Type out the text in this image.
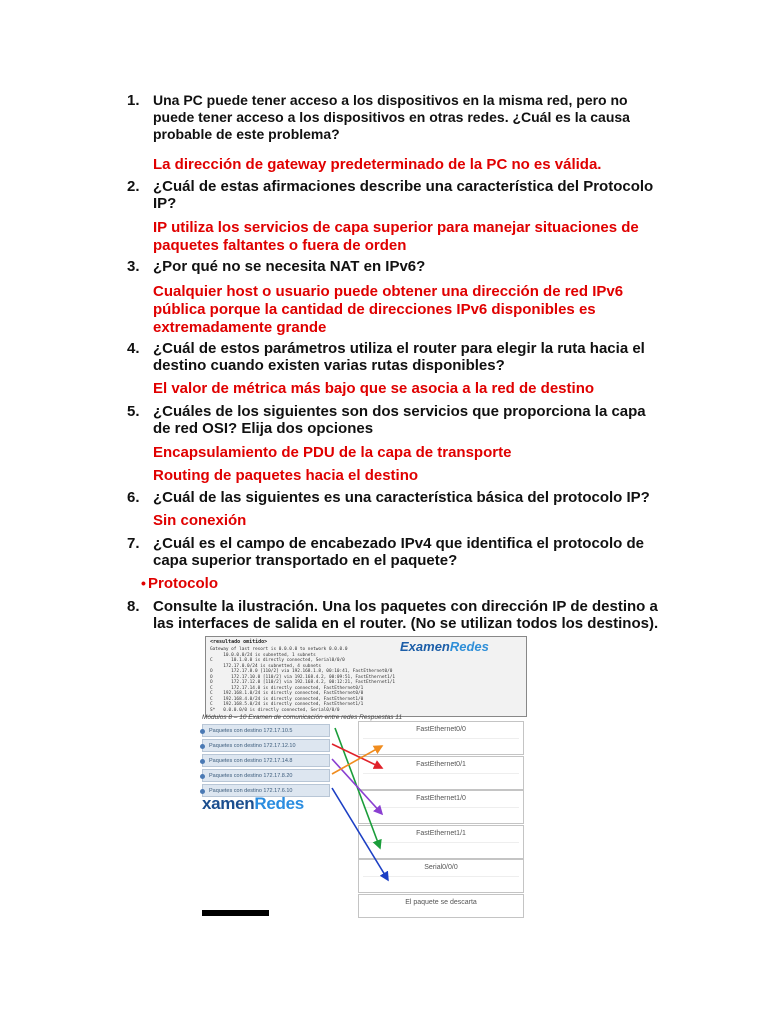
1. Una PC puede tener acceso a los dispositivos en la misma red, pero no
puede tener acceso a los dispositivos en otras redes. ¿Cuál es la causa
probable de este problema?
La dirección de gateway predeterminado de la PC no es válida.
2. ¿Cuál de estas afirmaciones describe una característica del Protocolo
IP?
IP utiliza los servicios de capa superior para manejar situaciones de
paquetes faltantes o fuera de orden
3. ¿Por qué no se necesita NAT en IPv6?
Cualquier host o usuario puede obtener una dirección de red IPv6
pública porque la cantidad de direcciones IPv6 disponibles es
extremadamente grande
4. ¿Cuál de estos parámetros utiliza el router para elegir la ruta hacia el
destino cuando existen varias rutas disponibles?
El valor de métrica más bajo que se asocia a la red de destino
5. ¿Cuáles de los siguientes son dos servicios que proporciona la capa
de red OSI? Elija dos opciones
Encapsulamiento de PDU de la capa de transporte
Routing de paquetes hacia el destino
6. ¿Cuál de las siguientes es una característica básica del protocolo IP?
Sin conexión
7. ¿Cuál es el campo de encabezado IPv4 que identifica el protocolo de
capa superior transportado en el paquete?
Protocolo
8. Consulte la ilustración. Una los paquetes con dirección IP de destino a
las interfaces de salida en el router. (No se utilizan todos los destinos).
•
<resultado omitido>
Gateway of last resort is 0.0.0.0 to network 0.0.0.0
10.0.0.0/24 is subnetted, 1 subnets
C       10.1.0.0 is directly connected, Serial0/0/0
172.17.0.0/24 is subnetted, 4 subnets
O       172.17.8.0 [110/2] via 192.168.1.8, 00:10:41, FastEthernet0/0
O       172.17.10.0 [110/2] via 192.168.4.2, 00:09:51, FastEthernet1/1
O       172.17.12.0 [110/2] via 192.168.4.2, 00:12:21, FastEthernet1/1
C       172.17.14.0 is directly connected, FastEthernet0/1
C    192.168.1.0/24 is directly connected, FastEthernet0/0
C    192.168.4.0/24 is directly connected, FastEthernet1/0
C    192.168.5.0/24 is directly connected, FastEthernet1/1
S*   0.0.0.0/0 is directly connected, Serial0/0/0
ExamenRedes
Módulos 8 – 10 Examen de comunicación entre redes Respuestas 11
Paquetes con destino 172.17.10.5
Paquetes con destino 172.17.12.10
Paquetes con destino 172.17.14.8
Paquetes con destino 172.17.8.20
Paquetes con destino 172.17.6.10
FastEthernet0/0
FastEthernet0/1
FastEthernet1/0
FastEthernet1/1
Serial0/0/0
El paquete se descarta
xamenRedes
